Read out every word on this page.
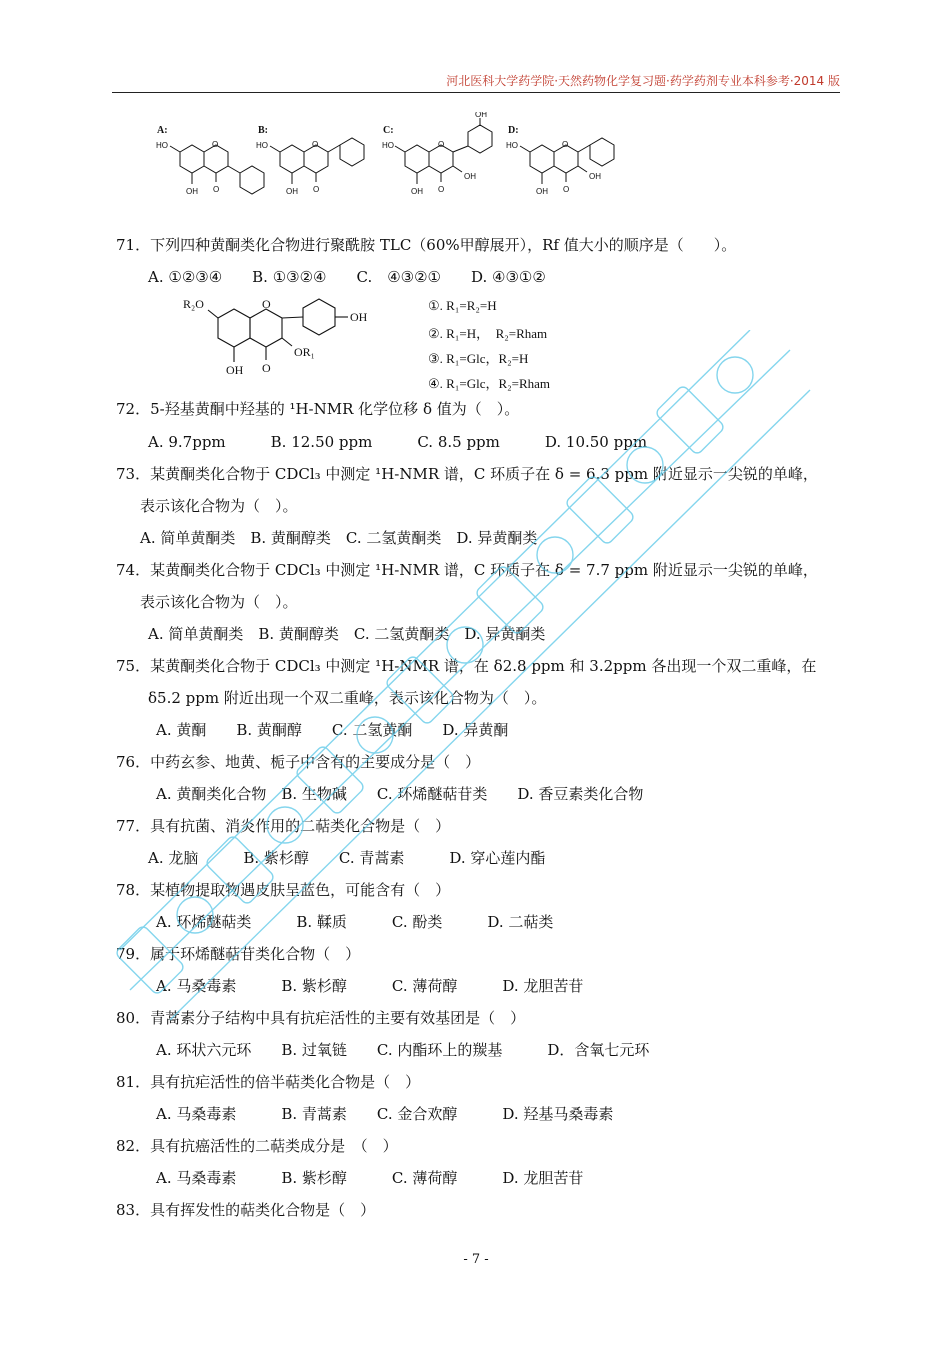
河北医科大学药学院·天然药物化学复习题·药学药剂专业本科参考·2014 版
A:	B:	C:	D:
HO	O
O
OH
HO	O
O
OH
HO	O
O
OH
OH
OH
HO	O
O
OH
OH
71．下列四种黄酮类化合物进行聚酰胺 TLC（60%甲醇展开），Rf 值大小的顺序是（　　）。
A. ①②③④　　B. ①③②④　　C.　④③②①　　D. ④③①②
R₂O	O
OH
OR₁
O
OH
①. R₁=R₂=H
②. R₁=H，　R₂=Rham
③. R₁=Glc，R₂=H
④. R₁=Glc，R₂=Rham
72．5-羟基黄酮中羟基的 ¹H-NMR 化学位移 δ 值为（　）。
A. 9.7ppm　　　B. 12.50 ppm　　　C. 8.5 ppm　　　D. 10.50 ppm
73．某黄酮类化合物于 CDCl₃ 中测定 ¹H-NMR 谱，C 环质子在 δ = 6.3 ppm 附近显示一尖锐的单峰，
表示该化合物为（　）。
A. 简单黄酮类　B. 黄酮醇类　C. 二氢黄酮类　D. 异黄酮类
74．某黄酮类化合物于 CDCl₃ 中测定 ¹H-NMR 谱，C 环质子在 δ = 7.7 ppm 附近显示一尖锐的单峰，
表示该化合物为（　）。
A. 简单黄酮类　B. 黄酮醇类　C. 二氢黄酮类　D. 异黄酮类
75．某黄酮类化合物于 CDCl₃ 中测定 ¹H-NMR 谱，在 δ2.8 ppm 和 3.2ppm 各出现一个双二重峰，在
δ5.2 ppm 附近出现一个双二重峰，表示该化合物为（　）。
A. 黄酮　　B. 黄酮醇　　C. 二氢黄酮　　D. 异黄酮
76．中药玄参、地黄、栀子中含有的主要成分是（　）
A. 黄酮类化合物　B. 生物碱　　C. 环烯醚萜苷类　　D. 香豆素类化合物
77．具有抗菌、消炎作用的二萜类化合物是（　）
A. 龙脑　　　B. 紫杉醇　　C. 青蒿素　　　D. 穿心莲内酯
78．某植物提取物遇皮肤呈蓝色，可能含有（　）
A. 环烯醚萜类　　　B. 鞣质　　　C. 酚类　　　D. 二萜类
79．属于环烯醚萜苷类化合物（　）
A. 马桑毒素　　　B. 紫杉醇　　　C. 薄荷醇　　　D. 龙胆苦苷
80．青蒿素分子结构中具有抗疟活性的主要有效基团是（　）
A. 环状六元环　　B. 过氧链　　C. 内酯环上的羰基　　　D．含氧七元环
81．具有抗疟活性的倍半萜类化合物是（　）
A. 马桑毒素　　　B. 青蒿素　　C. 金合欢醇　　　D. 羟基马桑毒素
82．具有抗癌活性的二萜类成分是　（　）
A. 马桑毒素　　　B. 紫杉醇　　　C. 薄荷醇　　　D. 龙胆苦苷
83．具有挥发性的萜类化合物是（　）
- 7 -
